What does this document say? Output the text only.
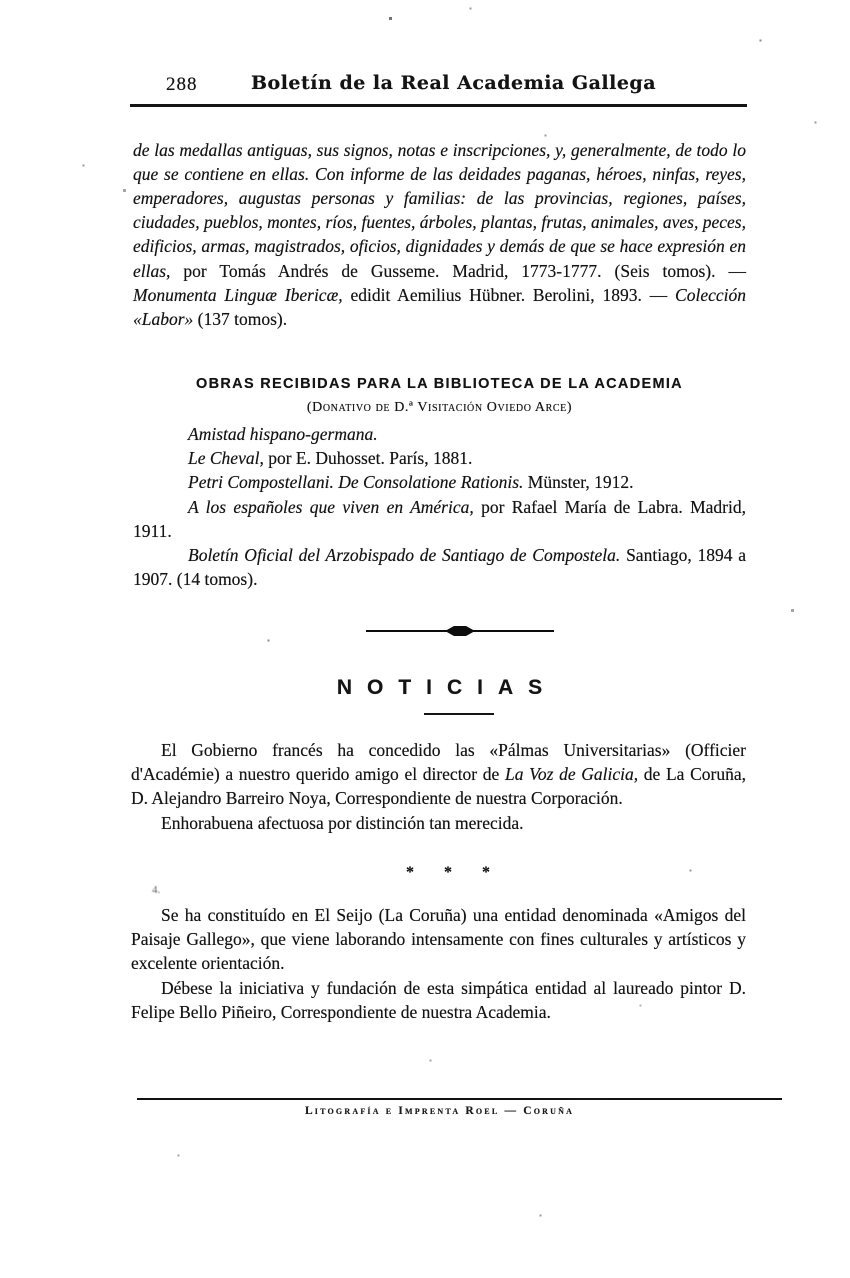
288	Boletín de la Real Academia Gallega

de las medallas antiguas, sus signos, notas e inscripciones, y, generalmente, de todo lo que se contiene en ellas. Con informe de las deidades paganas, héroes, ninfas, reyes, emperadores, augustas personas y familias: de las provincias, regiones, países, ciudades, pueblos, montes, ríos, fuentes, árboles, plantas, frutas, animales, aves, peces, edificios, armas, magistrados, oficios, dignidades y demás de que se hace expresión en ellas, por Tomás Andrés de Gusseme. Madrid, 1773-1777. (Seis tomos). — Monumenta Linguæ Ibericæ, edidit Aemilius Hübner. Berolini, 1893. — Colección «Labor» (137 tomos).

OBRAS RECIBIDAS PARA LA BIBLIOTECA DE LA ACADEMIA

(Donativo de D.ª Visitación Oviedo Arce)

Amistad hispano-germana.

Le Cheval, por E. Duhosset. París, 1881.

Petri Compostellani. De Consolatione Rationis. Münster, 1912.

A los españoles que viven en América, por Rafael María de Labra. Madrid, 1911.

Boletín Oficial del Arzobispado de Santiago de Compostela. Santiago, 1894 a 1907. (14 tomos).

NOTICIAS

El Gobierno francés ha concedido las «Pálmas Universitarias» (Officier d'Académie) a nuestro querido amigo el director de La Voz de Galicia, de La Coruña, D. Alejandro Barreiro Noya, Correspondiente de nuestra Corporación.

Enhorabuena afectuosa por distinción tan merecida.

* * *
4.

Se ha constituído en El Seijo (La Coruña) una entidad denominada «Amigos del Paisaje Gallego», que viene laborando intensamente con fines culturales y artísticos y excelente orientación.

Débese la iniciativa y fundación de esta simpática entidad al laureado pintor D. Felipe Bello Piñeiro, Correspondiente de nuestra Academia.

Litografía e Imprenta Roel — Coruña
